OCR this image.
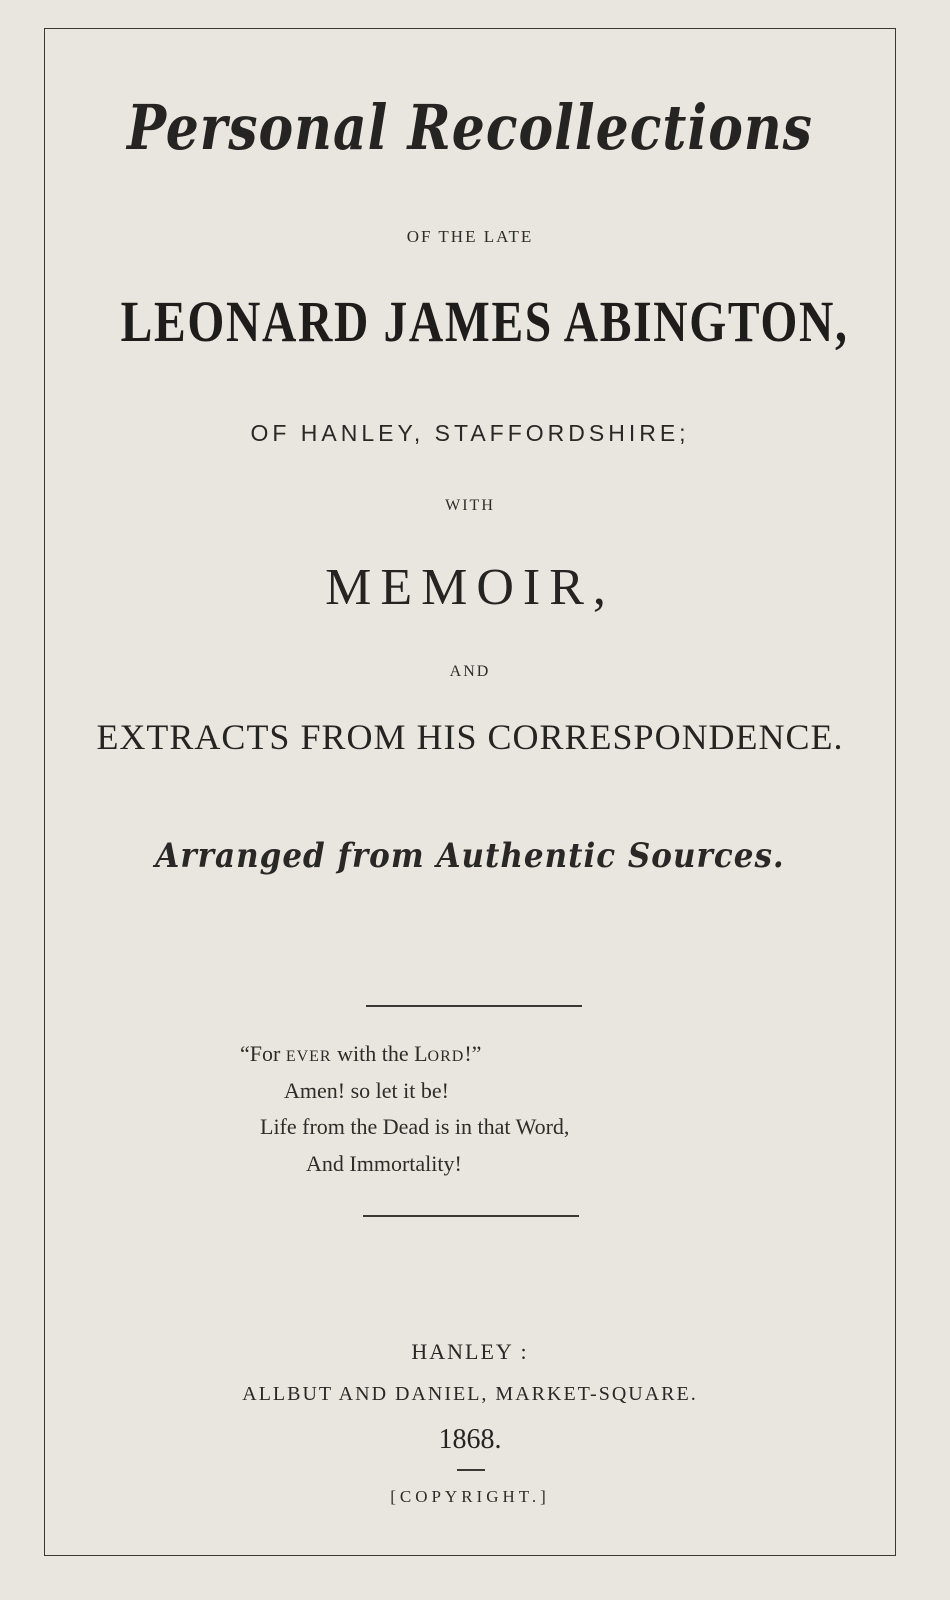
Personal Recollections
OF THE LATE
LEONARD JAMES ABINGTON,
OF HANLEY, STAFFORDSHIRE;
WITH
MEMOIR,
AND
EXTRACTS FROM HIS CORRESPONDENCE.
Arranged from Authentic Sources.
“For EVER with the LORD!”
Amen! so let it be!
Life from the Dead is in that Word,
And Immortality!
HANLEY :
ALLBUT AND DANIEL, MARKET-SQUARE.
1868.
[COPYRIGHT.]
